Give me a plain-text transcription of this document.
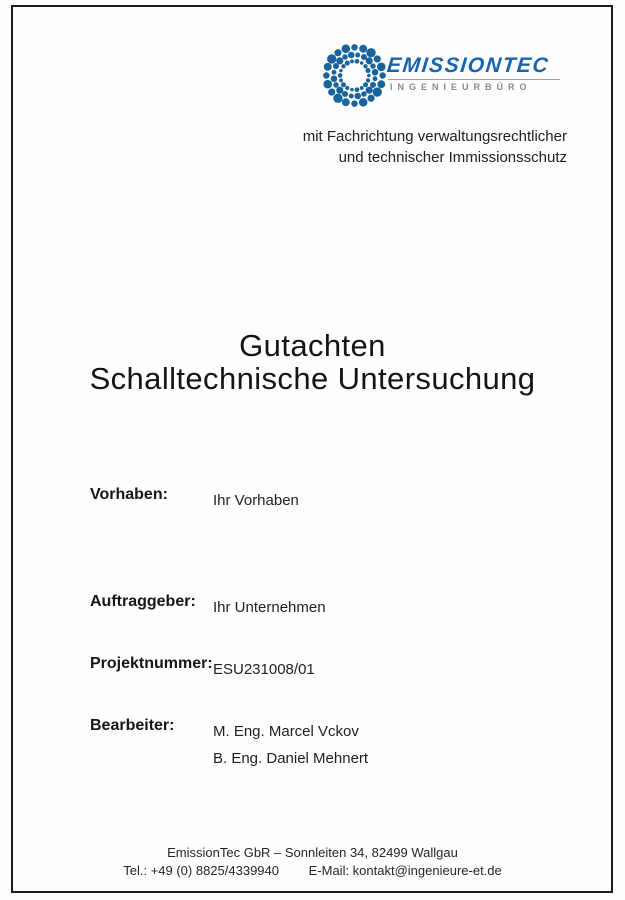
EMISSIONTEC
INGENIEURBÜRO
mit Fachrichtung verwaltungsrechtlicher
und technischer Immissionsschutz
Gutachten
Schalltechnische Untersuchung
Vorhaben:	Ihr Vorhaben
Auftraggeber: Ihr Unternehmen
Projektnummer: ESU231008/01
Bearbeiter:	M. Eng. Marcel Vckov
B. Eng. Daniel Mehnert
EmissionTec GbR – Sonnleiten 34, 82499 Wallgau
Tel.: +49 (0) 8825/4339940 E-Mail: kontakt@ingenieure-et.de
